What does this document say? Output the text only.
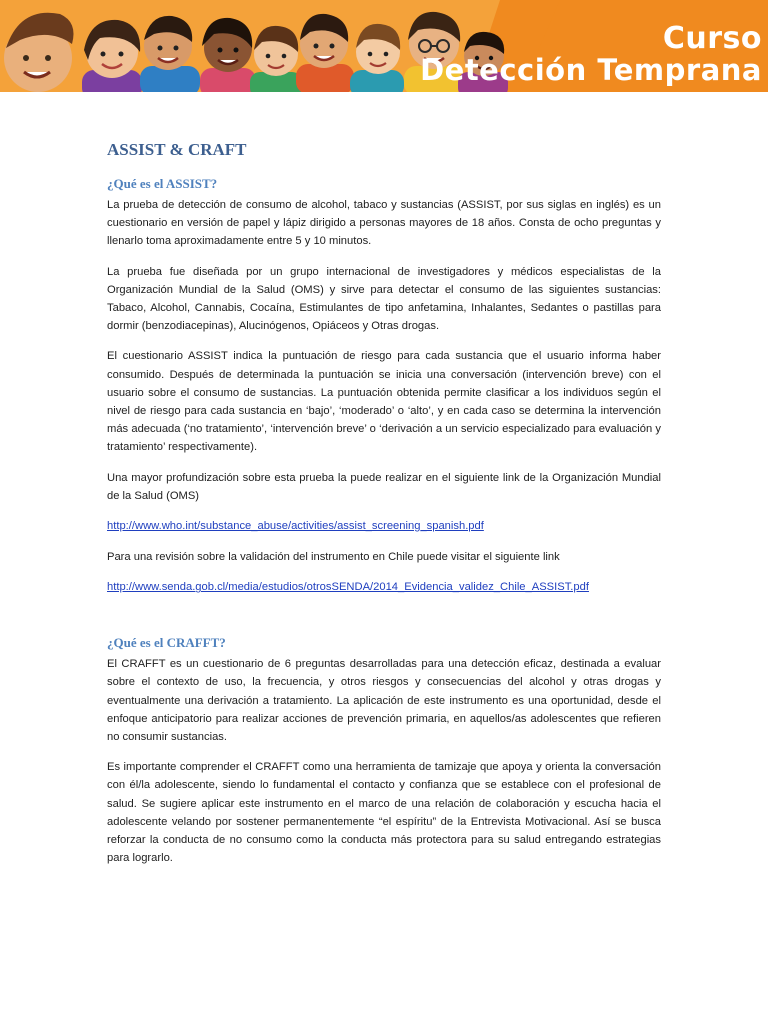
Curso
Detección Temprana
ASSIST & CRAFT
¿Qué es el ASSIST?

La prueba de detección de consumo de alcohol, tabaco y sustancias (ASSIST, por sus siglas en inglés) es un cuestionario en versión de papel y lápiz dirigido a personas mayores de 18 años. Consta de ocho preguntas y llenarlo toma aproximadamente entre 5 y 10 minutos.

La prueba fue diseñada por un grupo internacional de investigadores y médicos especialistas de la Organización Mundial de la Salud (OMS) y sirve para detectar el consumo de las siguientes sustancias: Tabaco, Alcohol, Cannabis, Cocaína, Estimulantes de tipo anfetamina, Inhalantes, Sedantes o pastillas para dormir (benzodiacepinas), Alucinógenos, Opiáceos y Otras drogas.

El cuestionario ASSIST indica la puntuación de riesgo para cada sustancia que el usuario informa haber consumido. Después de determinada la puntuación se inicia una conversación (intervención breve) con el usuario sobre el consumo de sustancias. La puntuación obtenida permite clasificar a los individuos según el nivel de riesgo para cada sustancia en ‘bajo’, ‘moderado’ o ‘alto’, y en cada caso se determina la intervención más adecuada (‘no tratamiento’, ‘intervención breve’ o ‘derivación a un servicio especializado para evaluación y tratamiento’ respectivamente).

Una mayor profundización sobre esta prueba la puede realizar en el siguiente link de la Organización Mundial de la Salud (OMS)

http://www.who.int/substance_abuse/activities/assist_screening_spanish.pdf

Para una revisión sobre la validación del instrumento en Chile puede visitar el siguiente link

http://www.senda.gob.cl/media/estudios/otrosSENDA/2014_Evidencia_validez_Chile_ASSIST.pdf
¿Qué es el CRAFFT?

El CRAFFT es un cuestionario de 6 preguntas desarrolladas para una detección eficaz, destinada a evaluar sobre el contexto de uso, la frecuencia, y otros riesgos y consecuencias del alcohol y otras drogas y eventualmente una derivación a tratamiento. La aplicación de este instrumento es una oportunidad, desde el enfoque anticipatorio para realizar acciones de prevención primaria, en aquellos/as adolescentes que refieren no consumir sustancias.

Es importante comprender el CRAFFT como una herramienta de tamizaje que apoya y orienta la conversación con él/la adolescente, siendo lo fundamental el contacto y confianza que se establece con el profesional de salud. Se sugiere aplicar este instrumento en el marco de una relación de colaboración y escucha hacia el adolescente velando por sostener permanentemente “el espíritu” de la Entrevista Motivacional. Así se busca reforzar la conducta de no consumo como la conducta más protectora para su salud entregando estrategias para lograrlo.
